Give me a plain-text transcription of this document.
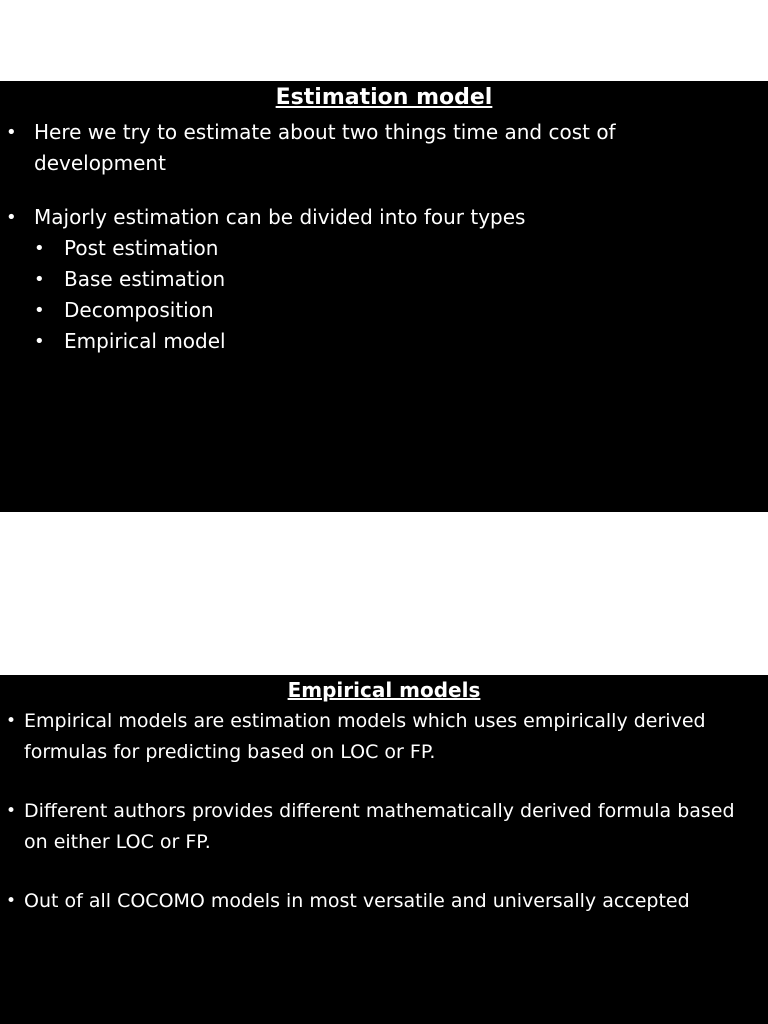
Estimation model
• Here we try to estimate about two things time and cost of development
• Majorly estimation can be divided into four types
• Post estimation
• Base estimation
• Decomposition
• Empirical model
Empirical models
• Empirical models are estimation models which uses empirically derived formulas for predicting based on LOC or FP.
• Different authors provides different mathematically derived formula based on either LOC or FP.
• Out of all COCOMO models in most versatile and universally accepted
